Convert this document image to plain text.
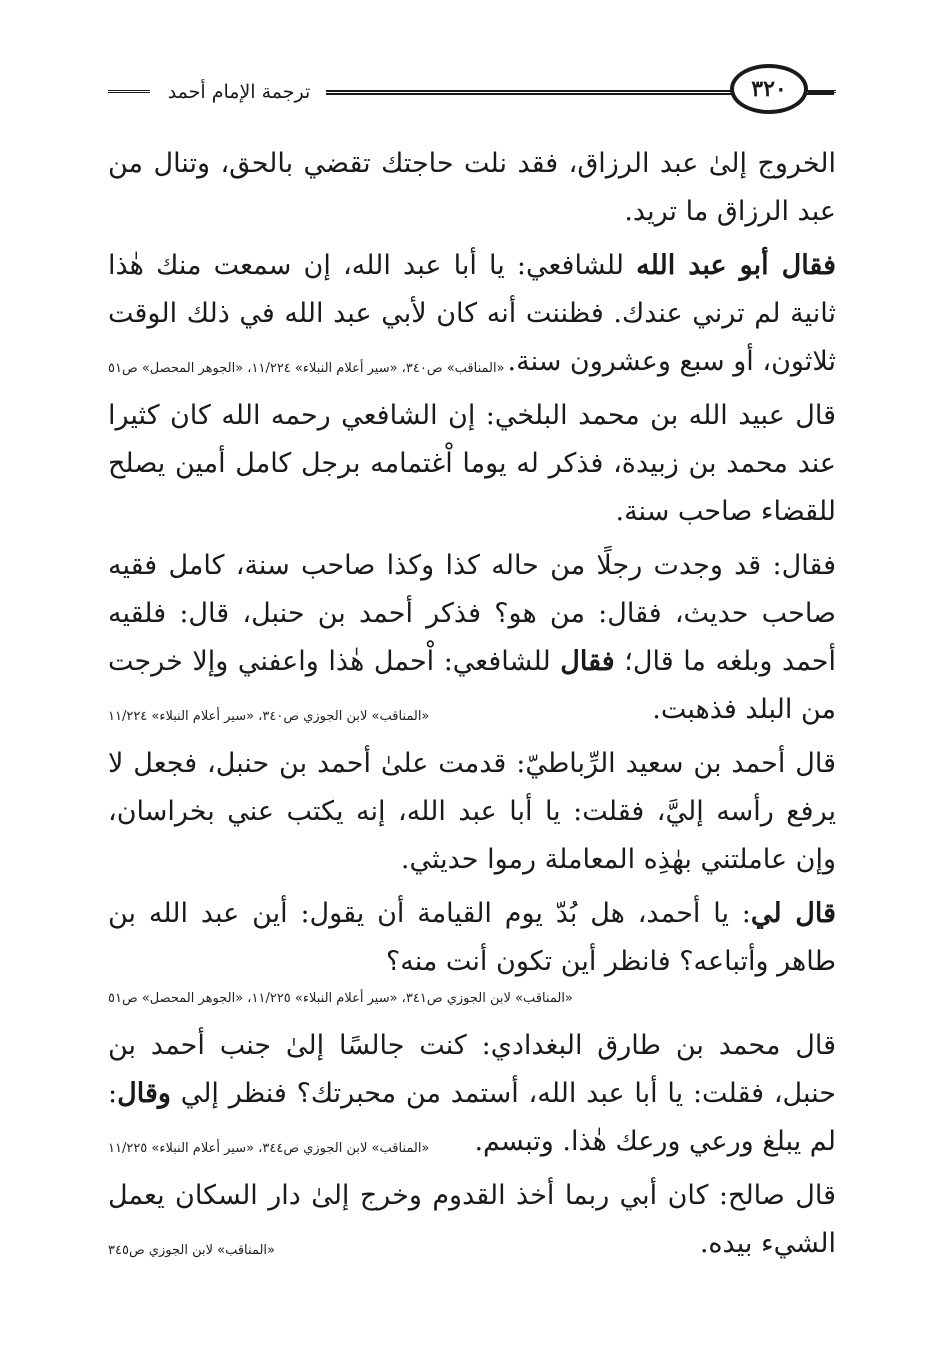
ترجمة الإمام أحمد	٣٢٠

الخروج إلىٰ عبد الرزاق، فقد نلت حاجتك تقضي بالحق، وتنال من عبد الرزاق ما تريد.

فقال أبو عبد الله للشافعي: يا أبا عبد الله، إن سمعت منك هٰذا ثانية لم ترني عندك. فظننت أنه كان لأبي عبد الله في ذلك الوقت ثلاثون، أو سبع وعشرون سنة.

«المناقب» ص٣٤٠، «سير أعلام النبلاء» ١١/٢٢٤، «الجوهر المحصل» ص٥١

قال عبيد الله بن محمد البلخي: إن الشافعي رحمه الله كان كثيرا عند محمد بن زبيدة، فذكر له يوما اْغتمامه برجل كامل أمين يصلح للقضاء صاحب سنة.

فقال: قد وجدت رجلًا من حاله كذا وكذا صاحب سنة، كامل فقيه صاحب حديث، فقال: من هو؟ فذكر أحمد بن حنبل، قال: فلقيه أحمد وبلغه ما قال؛ فقال للشافعي: اْحمل هٰذا واعفني وإلا خرجت من البلد فذهبت.

«المناقب» لابن الجوزي ص٣٤٠، «سير أعلام النبلاء» ١١/٢٢٤

قال أحمد بن سعيد الرِّباطيّ: قدمت علىٰ أحمد بن حنبل، فجعل لا يرفع رأسه إليَّ، فقلت: يا أبا عبد الله، إنه يكتب عني بخراسان، وإن عاملتني بهٰذِه المعاملة رموا حديثي.

قال لي: يا أحمد، هل بُدّ يوم القيامة أن يقول: أين عبد الله بن طاهر وأتباعه؟ فانظر أين تكون أنت منه؟

«المناقب» لابن الجوزي ص٣٤١، «سير أعلام النبلاء» ١١/٢٢٥، «الجوهر المحصل» ص٥١

قال محمد بن طارق البغدادي: كنت جالسًا إلىٰ جنب أحمد بن حنبل، فقلت: يا أبا عبد الله، أستمد من محبرتك؟ فنظر إلي وقال: لم يبلغ ورعي ورعك هٰذا. وتبسم.

«المناقب» لابن الجوزي ص٣٤٤، «سير أعلام النبلاء» ١١/٢٢٥

قال صالح: كان أبي ربما أخذ القدوم وخرج إلىٰ دار السكان يعمل الشيء بيده.

«المناقب» لابن الجوزي ص٣٤٥
